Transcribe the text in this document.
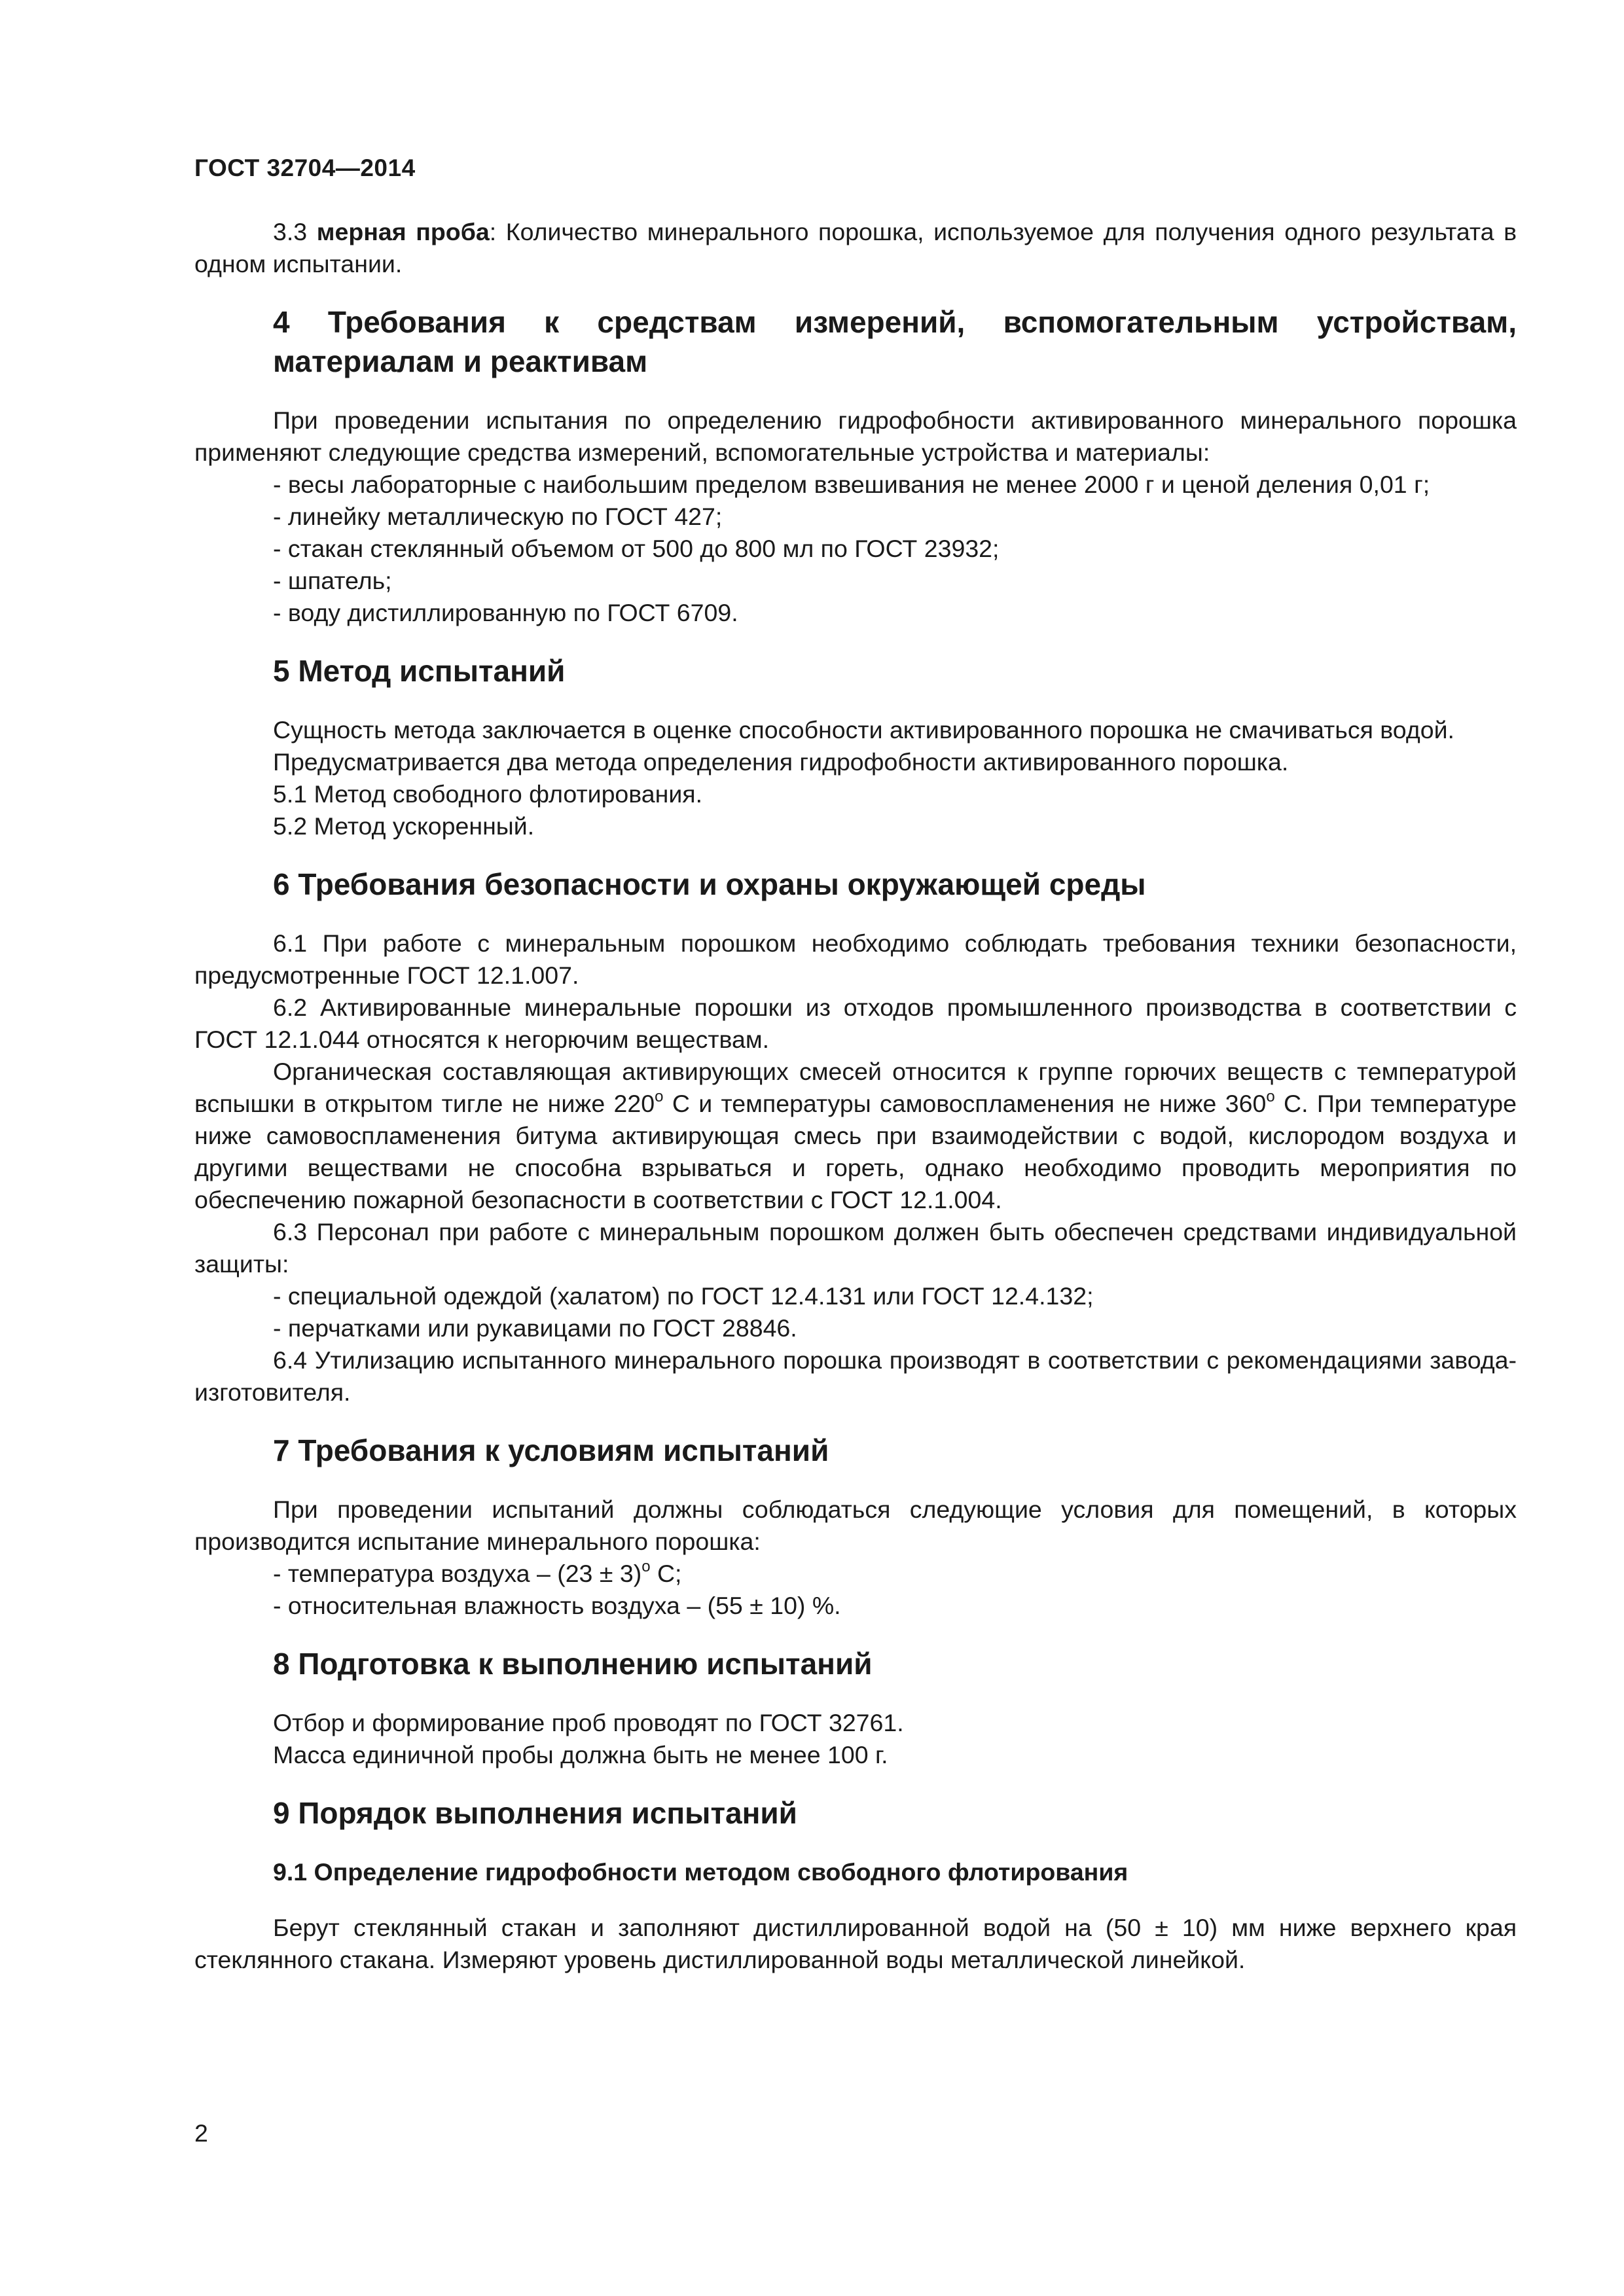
ГОСТ 32704—2014

3.3 мерная проба: Количество минерального порошка, используемое для получения одного результата в одном испытании.

4 Требования к средствам измерений, вспомогательным устройствам, материалам и реактивам

При проведении испытания по определению гидрофобности активированного минерального порошка применяют следующие средства измерений, вспомогательные устройства и материалы:

- весы лабораторные с наибольшим пределом взвешивания не менее 2000 г и ценой деления 0,01 г;

- линейку металлическую по ГОСТ 427;

- стакан стеклянный объемом от 500 до 800 мл по ГОСТ 23932;

- шпатель;

- воду дистиллированную по ГОСТ 6709.

5 Метод испытаний

Сущность метода заключается в оценке способности активированного порошка не смачиваться водой.

Предусматривается два метода определения гидрофобности активированного порошка.

5.1 Метод свободного флотирования.

5.2 Метод ускоренный.

6 Требования безопасности и охраны окружающей среды

6.1 При работе с минеральным порошком необходимо соблюдать требования техники безопасности, предусмотренные ГОСТ 12.1.007.

6.2 Активированные минеральные порошки из отходов промышленного производства в соответствии с ГОСТ 12.1.044 относятся к негорючим веществам.

Органическая составляющая активирующих смесей относится к группе горючих веществ с температурой вспышки в открытом тигле не ниже 220$^o$ С и температуры самовоспламенения не ниже 360$^o$ С. При температуре ниже самовоспламенения битума активирующая смесь при взаимодействии с водой, кислородом воздуха и другими веществами не способна взрываться и гореть, однако необходимо проводить мероприятия по обеспечению пожарной безопасности в соответствии с ГОСТ 12.1.004.

6.3 Персонал при работе с минеральным порошком должен быть обеспечен средствами индивидуальной защиты:

- специальной одеждой (халатом) по ГОСТ 12.4.131 или ГОСТ 12.4.132;

- перчатками или рукавицами по ГОСТ 28846.

6.4 Утилизацию испытанного минерального порошка производят в соответствии с рекомендациями завода-изготовителя.

7 Требования к условиям испытаний

При проведении испытаний должны соблюдаться следующие условия для помещений, в которых производится испытание минерального порошка:

- температура воздуха – $(23 \pm 3)^o$ С;

- относительная влажность воздуха – (55 ± 10) %.

8 Подготовка к выполнению испытаний

Отбор и формирование проб проводят по ГОСТ 32761.

Масса единичной пробы должна быть не менее 100 г.

9 Порядок выполнения испытаний
9.1 Определение гидрофобности методом свободного флотирования

Берут стеклянный стакан и заполняют дистиллированной водой на (50 ± 10) мм ниже верхнего края стеклянного стакана. Измеряют уровень дистиллированной воды металлической линейкой.

2
